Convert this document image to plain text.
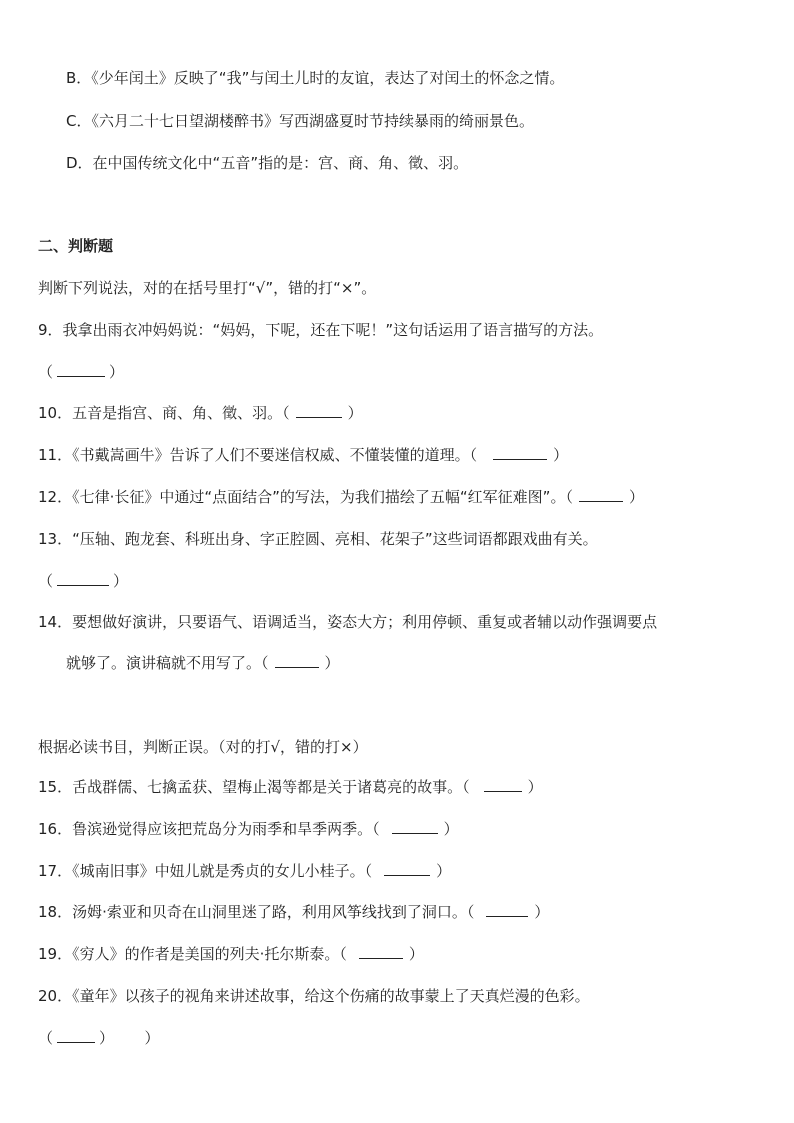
B．《少年闰土》反映了“我”与闰土儿时的友谊，表达了对闰土的怀念之情。
C．《六月二十七日望湖楼醉书》写西湖盛夏时节持续暴雨的绮丽景色。
D．在中国传统文化中“五音”指的是：宫、商、角、徵、羽。
二、判断题
判断下列说法，对的在括号里打“√”，错的打“×”。
9．我拿出雨衣冲妈妈说：“妈妈，下呢，还在下呢！”这句话运用了语言描写的方法。
（	）
10．五音是指宫、商、角、徵、羽。（	）
11．《书戴嵩画牛》告诉了人们不要迷信权威、不懂装懂的道理。（	）
12．《七律·长征》中通过“点面结合”的写法，为我们描绘了五幅“红军征难图”。（	）
13．“压轴、跑龙套、科班出身、字正腔圆、亮相、花架子”这些词语都跟戏曲有关。
（	）
14．要想做好演讲，只要语气、语调适当，姿态大方；利用停顿、重复或者辅以动作强调要点
就够了。演讲稿就不用写了。（	）
根据必读书目，判断正误。（对的打√，错的打×）
15．舌战群儒、七擒孟获、望梅止渴等都是关于诸葛亮的故事。（	）
16．鲁滨逊觉得应该把荒岛分为雨季和旱季两季。（	）
17．《城南旧事》中妞儿就是秀贞的女儿小桂子。（	）
18．汤姆·索亚和贝奇在山洞里迷了路，利用风筝线找到了洞口。（	）
19．《穷人》的作者是美国的列夫·托尔斯泰。（	）
20．《童年》以孩子的视角来讲述故事，给这个伤痛的故事蒙上了天真烂漫的色彩。
（	）	）
